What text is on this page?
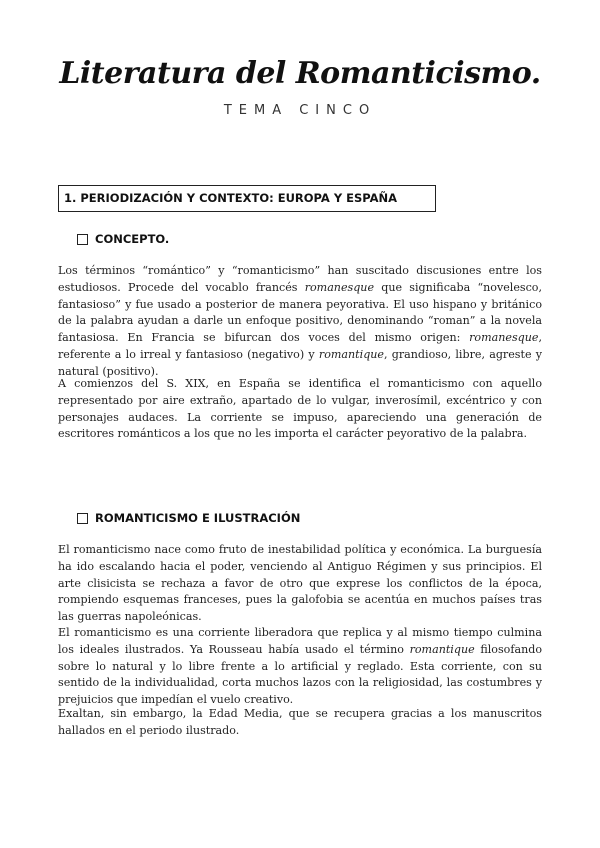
Literatura del Romanticismo.
TEMA CINCO
1. PERIODIZACIÓN Y CONTEXTO: EUROPA Y ESPAÑA
CONCEPTO.

Los términos “romántico” y “romanticismo” han suscitado discusiones entre los estudiosos. Procede del vocablo francés romanesque que significaba “novelesco, fantasioso” y fue usado a posterior de manera peyorativa. El uso hispano y británico de la palabra ayudan a darle un enfoque positivo, denominando “roman” a la novela fantasiosa. En Francia se bifurcan dos voces del mismo origen: romanesque, referente a lo irreal y fantasioso (negativo) y romantique, grandioso, libre, agreste y natural (positivo).

A comienzos del S. XIX, en España se identifica el romanticismo con aquello representado por aire extraño, apartado de lo vulgar, inverosímil, excéntrico y con personajes audaces. La corriente se impuso, apareciendo una generación de escritores románticos a los que no les importa el carácter peyorativo de la palabra.

ROMANTICISMO E ILUSTRACIÓN

El romanticismo nace como fruto de inestabilidad política y económica. La burguesía ha ido escalando hacia el poder, venciendo al Antiguo Régimen y sus principios. El arte clisicista se rechaza a favor de otro que exprese los conflictos de la época, rompiendo esquemas franceses, pues la galofobia se acentúa en muchos países tras las guerras napoleónicas.

El romanticismo es una corriente liberadora que replica y al mismo tiempo culmina los ideales ilustrados. Ya Rousseau había usado el término romantique filosofando sobre lo natural y lo libre frente a lo artificial y reglado. Esta corriente, con su sentido de la individualidad, corta muchos lazos con la religiosidad, las costumbres y prejuicios que impedían el vuelo creativo.

Exaltan, sin embargo, la Edad Media, que se recupera gracias a los manuscritos hallados en el periodo ilustrado.
